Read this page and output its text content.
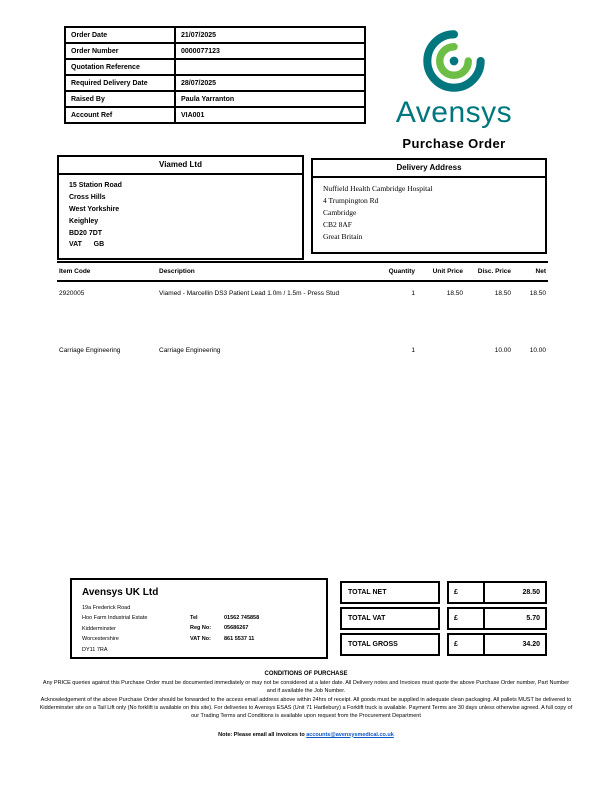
Order Date	21/07/2025
Order Number	0000077123
Quotation Reference	
Required Delivery Date	28/07/2025
Raised By	Paula Yarranton
Account Ref	VIA001	Avensys
Purchase Order
Viamed Ltd
15 Station Road
Cross Hills
West Yorkshire
Keighley
BD20 7DT
VAT      GB
Delivery Address
Nuffield Health Cambridge Hospital
4 Trumpington Rd
Cambridge
CB2 8AF
Great Britain
Item Code	Description	Quantity	Unit Price	Disc. Price	Net
2920005	Viamed - Marcellin DS3 Patient Lead 1.0m / 1.5m - Press Stud	1	18.50	18.50	18.50
Carriage Engineering	Carriage Engineering	1		10.00	10.00
Avensys UK Ltd
19a Frederick Road
Hoo Farm Industrial Estate
Kidderminster
Worcestershire
DY11 7RA
Tel	01562 745858
Reg No:	05686267
VAT No:	861 5537 11
TOTAL NET	£	28.50
TOTAL VAT	£	5.70
TOTAL GROSS	£	34.20
CONDITIONS OF PURCHASE
Any PRICE queries against this Purchase Order must be documented immediately or may not be considered at a later date. All Delivery notes and Invoices must quote the above Purchase Order number, Part Number and if available the Job Number.
Acknowledgement of the above Purchase Order should be forwarded to the access email address above within 24hrs of receipt. All goods must be supplied in adequate clean packaging. All pallets MUST be delivered to Kidderminster site on a Tail Lift only (No forklift is available on this site). For deliveries to Avensys ESAS (Unit 71 Hartlebury) a Forklift truck is available. Payment Terms are 30 days unless otherwise agreed. A full copy of our Trading Terms and Conditions is available upon request from the Procurement Department
Note: Please email all invoices to accounts@avensysmedical.co.uk
